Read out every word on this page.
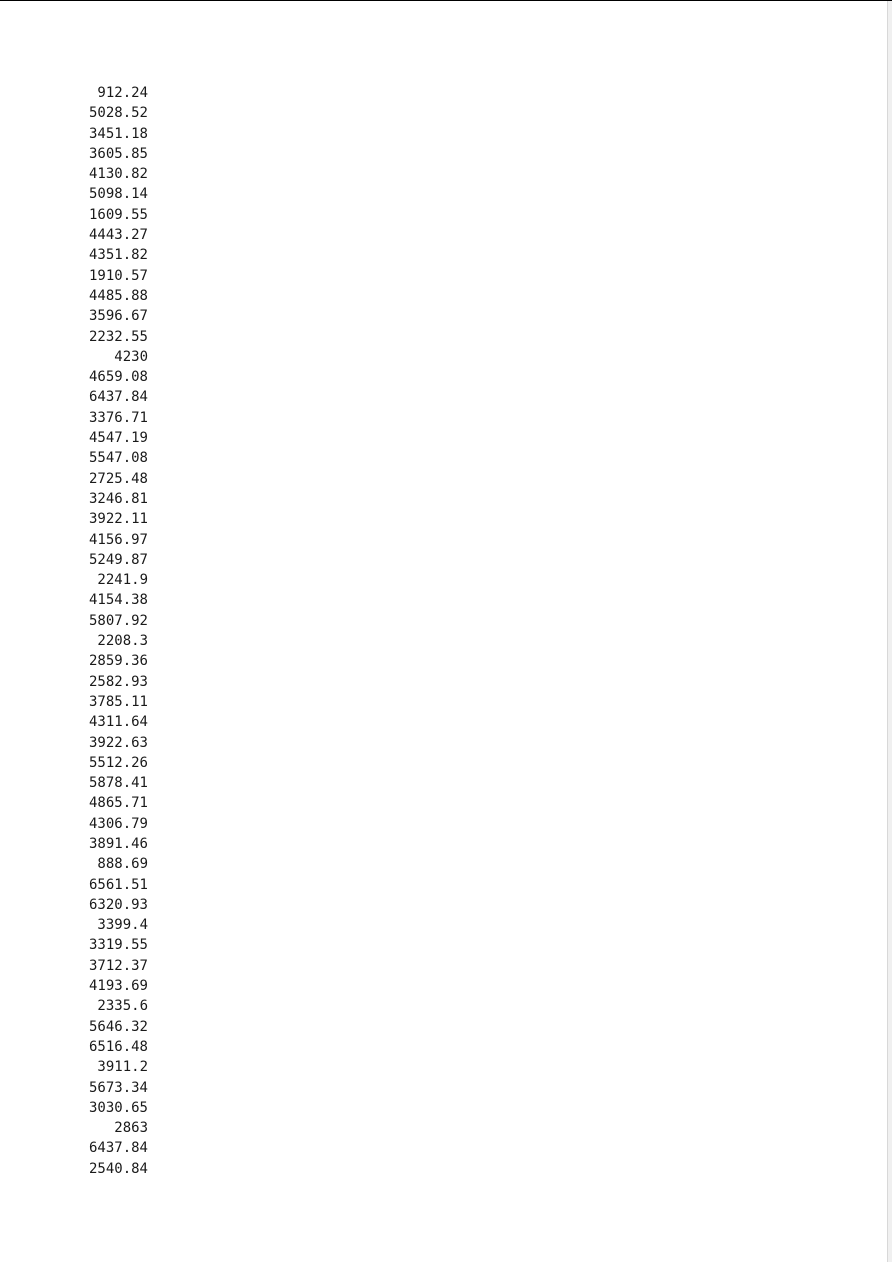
912.24
5028.52
3451.18
3605.85
4130.82
5098.14
1609.55
4443.27
4351.82
1910.57
4485.88
3596.67
2232.55
4230
4659.08
6437.84
3376.71
4547.19
5547.08
2725.48
3246.81
3922.11
4156.97
5249.87
2241.9
4154.38
5807.92
2208.3
2859.36
2582.93
3785.11
4311.64
3922.63
5512.26
5878.41
4865.71
4306.79
3891.46
888.69
6561.51
6320.93
3399.4
3319.55
3712.37
4193.69
2335.6
5646.32
6516.48
3911.2
5673.34
3030.65
2863
6437.84
2540.84
